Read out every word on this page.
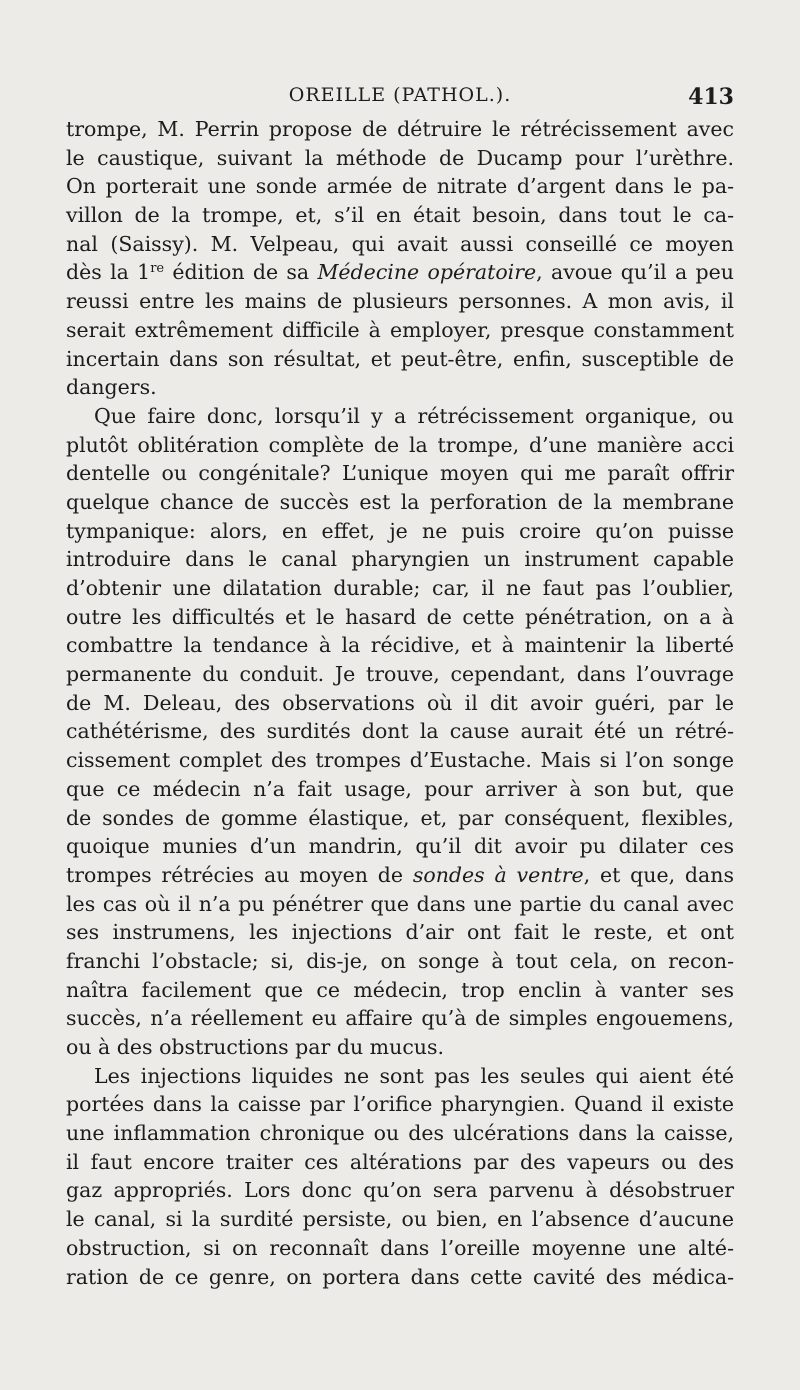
OREILLE (PATHOL.).	413
trompe, M. Perrin propose de détruire le rétrécissement avec
le caustique, suivant la méthode de Ducamp pour l’urèthre.
On porterait une sonde armée de nitrate d’argent dans le pa-
villon de la trompe, et, s’il en était besoin, dans tout le ca-
nal (Saissy). M. Velpeau, qui avait aussi conseillé ce moyen
dès la 1re édition de sa Médecine opératoire, avoue qu’il a peu
reussi entre les mains de plusieurs personnes. A mon avis, il
serait extrêmement difficile à employer, presque constamment
incertain dans son résultat, et peut-être, enfin, susceptible de
dangers.
Que faire donc, lorsqu’il y a rétrécissement organique, ou
plutôt oblitération complète de la trompe, d’une manière acci
dentelle ou congénitale? L’unique moyen qui me paraît offrir
quelque chance de succès est la perforation de la membrane
tympanique: alors, en effet, je ne puis croire qu’on puisse
introduire dans le canal pharyngien un instrument capable
d’obtenir une dilatation durable; car, il ne faut pas l’oublier,
outre les difficultés et le hasard de cette pénétration, on a à
combattre la tendance à la récidive, et à maintenir la liberté
permanente du conduit. Je trouve, cependant, dans l’ouvrage
de M. Deleau, des observations où il dit avoir guéri, par le
cathétérisme, des surdités dont la cause aurait été un rétré-
cissement complet des trompes d’Eustache. Mais si l’on songe
que ce médecin n’a fait usage, pour arriver à son but, que
de sondes de gomme élastique, et, par conséquent, flexibles,
quoique munies d’un mandrin, qu’il dit avoir pu dilater ces
trompes rétrécies au moyen de sondes à ventre, et que, dans
les cas où il n’a pu pénétrer que dans une partie du canal avec
ses instrumens, les injections d’air ont fait le reste, et ont
franchi l’obstacle; si, dis-je, on songe à tout cela, on recon-
naîtra facilement que ce médecin, trop enclin à vanter ses
succès, n’a réellement eu affaire qu’à de simples engouemens,
ou à des obstructions par du mucus.
Les injections liquides ne sont pas les seules qui aient été
portées dans la caisse par l’orifice pharyngien. Quand il existe
une inflammation chronique ou des ulcérations dans la caisse,
il faut encore traiter ces altérations par des vapeurs ou des
gaz appropriés. Lors donc qu’on sera parvenu à désobstruer
le canal, si la surdité persiste, ou bien, en l’absence d’aucune
obstruction, si on reconnaît dans l’oreille moyenne une alté-
ration de ce genre, on portera dans cette cavité des médica-
